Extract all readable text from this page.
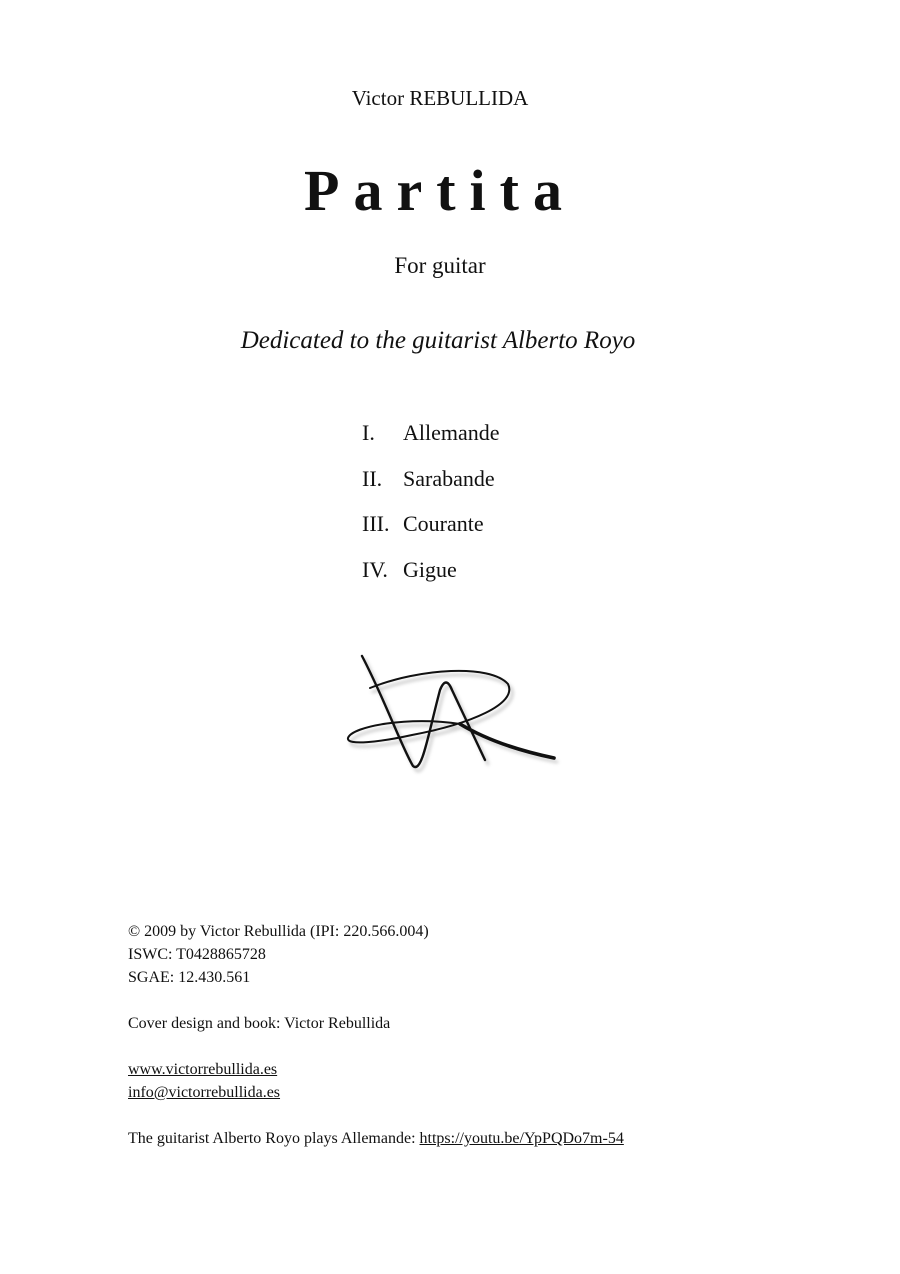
Victor REBULLIDA
Partita
For guitar
Dedicated to the guitarist Alberto Royo
I. Allemande
II. Sarabande
III. Courante
IV. Gigue
© 2009 by Victor Rebullida (IPI: 220.566.004)
ISWC: T0428865728
SGAE: 12.430.561
Cover design and book: Victor Rebullida
www.victorrebullida.es
info@victorrebullida.es
The guitarist Alberto Royo plays Allemande: https://youtu.be/YpPQDo7m-54
